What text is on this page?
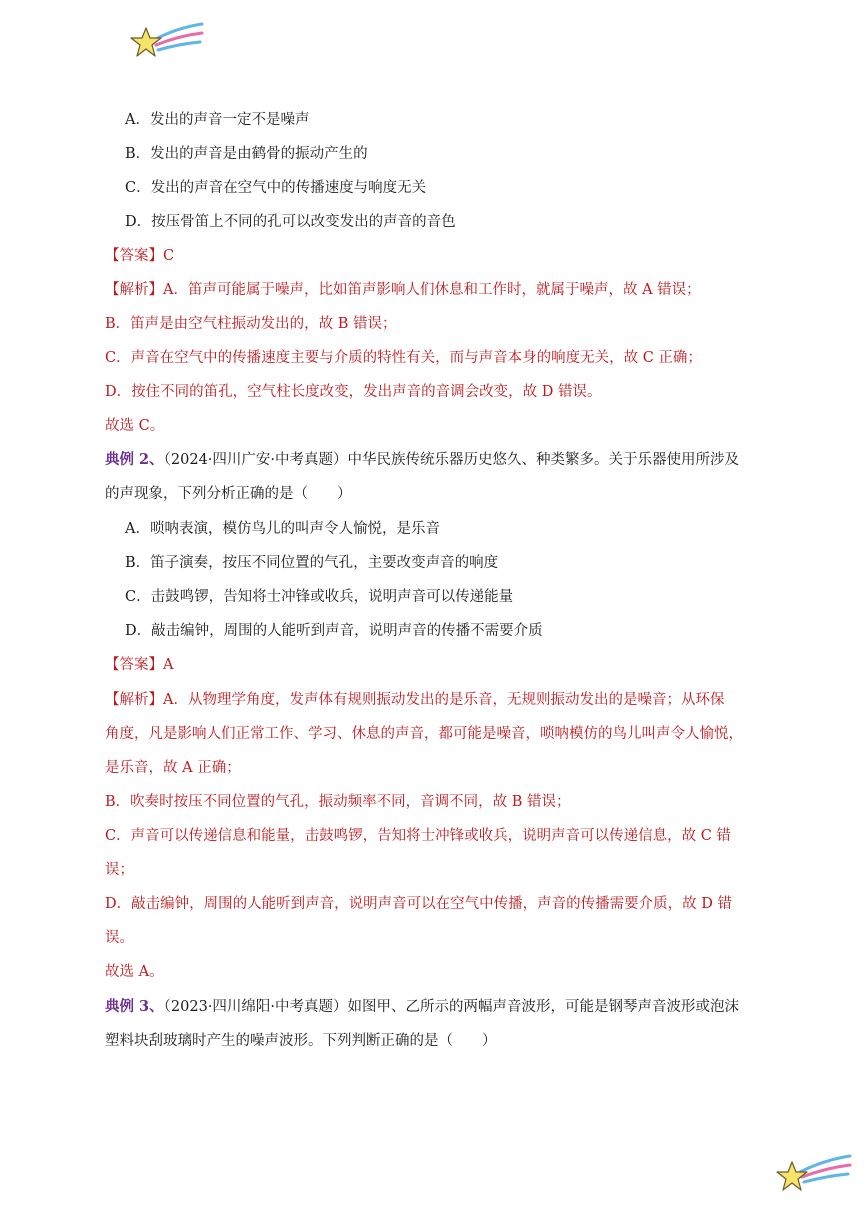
A．发出的声音一定不是噪声
B．发出的声音是由鹤骨的振动产生的
C．发出的声音在空气中的传播速度与响度无关
D．按压骨笛上不同的孔可以改变发出的声音的音色
【答案】C
【解析】A．笛声可能属于噪声，比如笛声影响人们休息和工作时，就属于噪声，故 A 错误；
B．笛声是由空气柱振动发出的，故 B 错误；
C．声音在空气中的传播速度主要与介质的特性有关，而与声音本身的响度无关，故 C 正确；
D．按住不同的笛孔，空气柱长度改变，发出声音的音调会改变，故 D 错误。
故选 C。
典例 2、（2024·四川广安·中考真题）中华民族传统乐器历史悠久、种类繁多。关于乐器使用所涉及
的声现象，下列分析正确的是（　　）
A．唢呐表演，模仿鸟儿的叫声令人愉悦，是乐音
B．笛子演奏，按压不同位置的气孔，主要改变声音的响度
C．击鼓鸣锣，告知将士冲锋或收兵，说明声音可以传递能量
D．敲击编钟，周围的人能听到声音，说明声音的传播不需要介质
【答案】A
【解析】A．从物理学角度，发声体有规则振动发出的是乐音，无规则振动发出的是噪音；从环保
角度，凡是影响人们正常工作、学习、休息的声音，都可能是噪音，唢呐模仿的鸟儿叫声令人愉悦，
是乐音，故 A 正确；
B．吹奏时按压不同位置的气孔，振动频率不同，音调不同，故 B 错误；
C．声音可以传递信息和能量，击鼓鸣锣，告知将士冲锋或收兵，说明声音可以传递信息，故 C 错
误；
D．敲击编钟，周围的人能听到声音，说明声音可以在空气中传播，声音的传播需要介质，故 D 错
误。
故选 A。
典例 3、（2023·四川绵阳·中考真题）如图甲、乙所示的两幅声音波形，可能是钢琴声音波形或泡沫
塑料块刮玻璃时产生的噪声波形。下列判断正确的是（　　）
